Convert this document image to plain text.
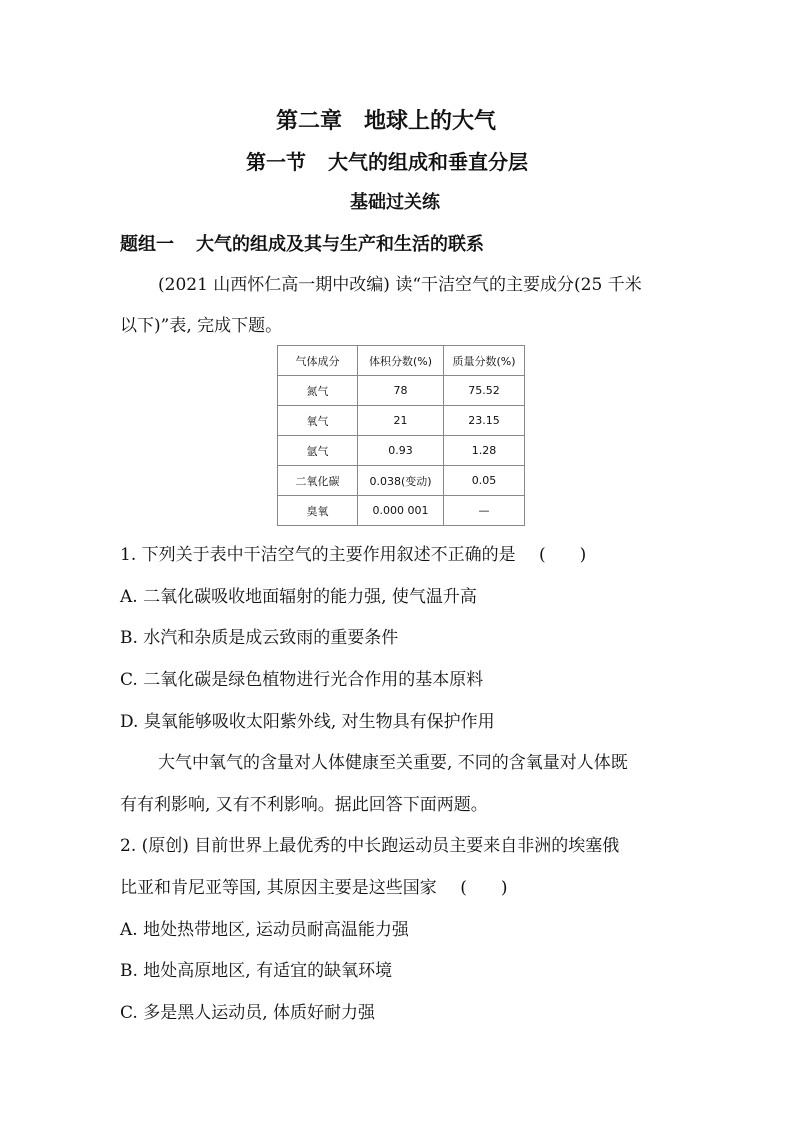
第二章 地球上的大气
第一节 大气的组成和垂直分层
基础过关练
题组一 大气的组成及其与生产和生活的联系
(2021 山西怀仁高一期中改编) 读“干洁空气的主要成分(25 千米
以下)”表, 完成下题。
气体成分	体积分数(%)	质量分数(%)
氮气	78	75.52
氧气	21	23.15
氩气	0.93	1.28
二氧化碳	0.038(变动)	0.05
臭氧	0.000 001	—
1. 下列关于表中干洁空气的主要作用叙述不正确的是 (　　)
A. 二氧化碳吸收地面辐射的能力强, 使气温升高
B. 水汽和杂质是成云致雨的重要条件
C. 二氧化碳是绿色植物进行光合作用的基本原料
D. 臭氧能够吸收太阳紫外线, 对生物具有保护作用
大气中氧气的含量对人体健康至关重要, 不同的含氧量对人体既
有有利影响, 又有不利影响。据此回答下面两题。
2. (原创) 目前世界上最优秀的中长跑运动员主要来自非洲的埃塞俄
比亚和肯尼亚等国, 其原因主要是这些国家 (　　)
A. 地处热带地区, 运动员耐高温能力强
B. 地处高原地区, 有适宜的缺氧环境
C. 多是黑人运动员, 体质好耐力强
